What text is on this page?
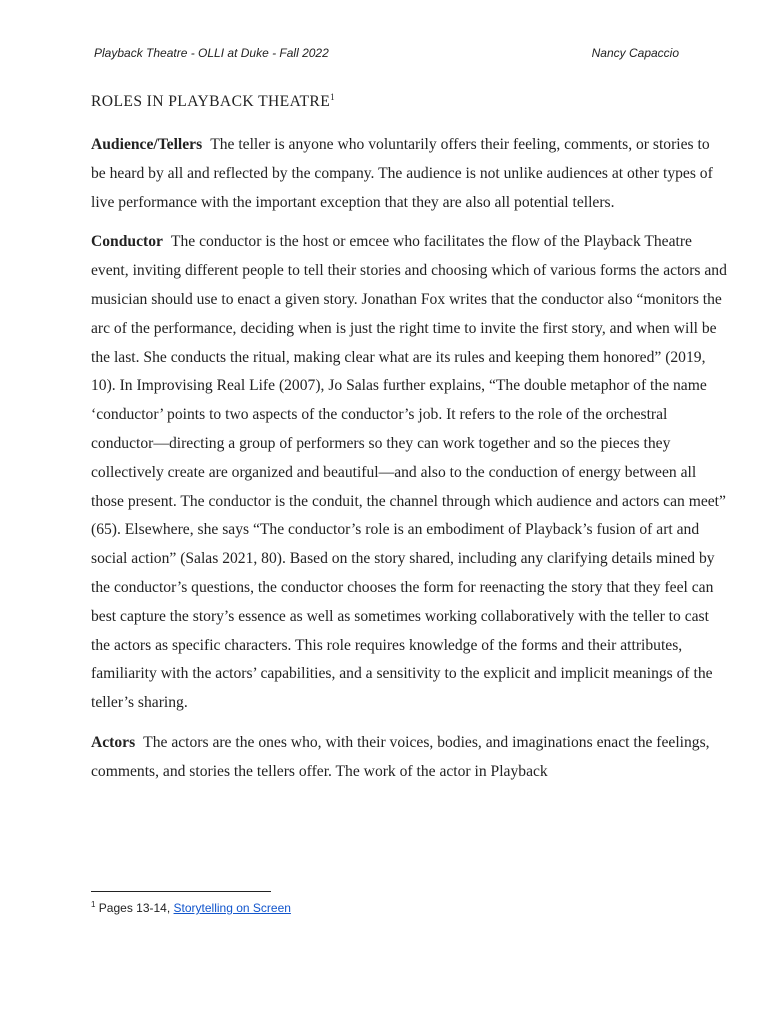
Playback Theatre - OLLI at Duke - Fall 2022	Nancy Capaccio
ROLES IN PLAYBACK THEATRE$^1$

Audience/Tellers The teller is anyone who voluntarily offers their feeling, comments, or stories to be heard by all and reflected by the company. The audience is not unlike audiences at other types of live performance with the important exception that they are also all potential tellers.

Conductor The conductor is the host or emcee who facilitates the flow of the Playback Theatre event, inviting different people to tell their stories and choosing which of various forms the actors and musician should use to enact a given story. Jonathan Fox writes that the conductor also “monitors the arc of the performance, deciding when is just the right time to invite the first story, and when will be the last. She conducts the ritual, making clear what are its rules and keeping them honored” (2019, 10). In Improvising Real Life (2007), Jo Salas further explains, “The double metaphor of the name ‘conductor’ points to two aspects of the conductor’s job. It refers to the role of the orchestral conductor—directing a group of performers so they can work together and so the pieces they collectively create are organized and beautiful—and also to the conduction of energy between all those present. The conductor is the conduit, the channel through which audience and actors can meet” (65). Elsewhere, she says “The conductor’s role is an embodiment of Playback’s fusion of art and social action” (Salas 2021, 80). Based on the story shared, including any clarifying details mined by the conductor’s questions, the conductor chooses the form for reenacting the story that they feel can best capture the story’s essence as well as sometimes working collaboratively with the teller to cast the actors as specific characters. This role requires knowledge of the forms and their attributes, familiarity with the actors’ capabilities, and a sensitivity to the explicit and implicit meanings of the teller’s sharing.

Actors The actors are the ones who, with their voices, bodies, and imaginations enact the feelings, comments, and stories the tellers offer. The work of the actor in Playback

$^1$ Pages 13-14, Storytelling on Screen
